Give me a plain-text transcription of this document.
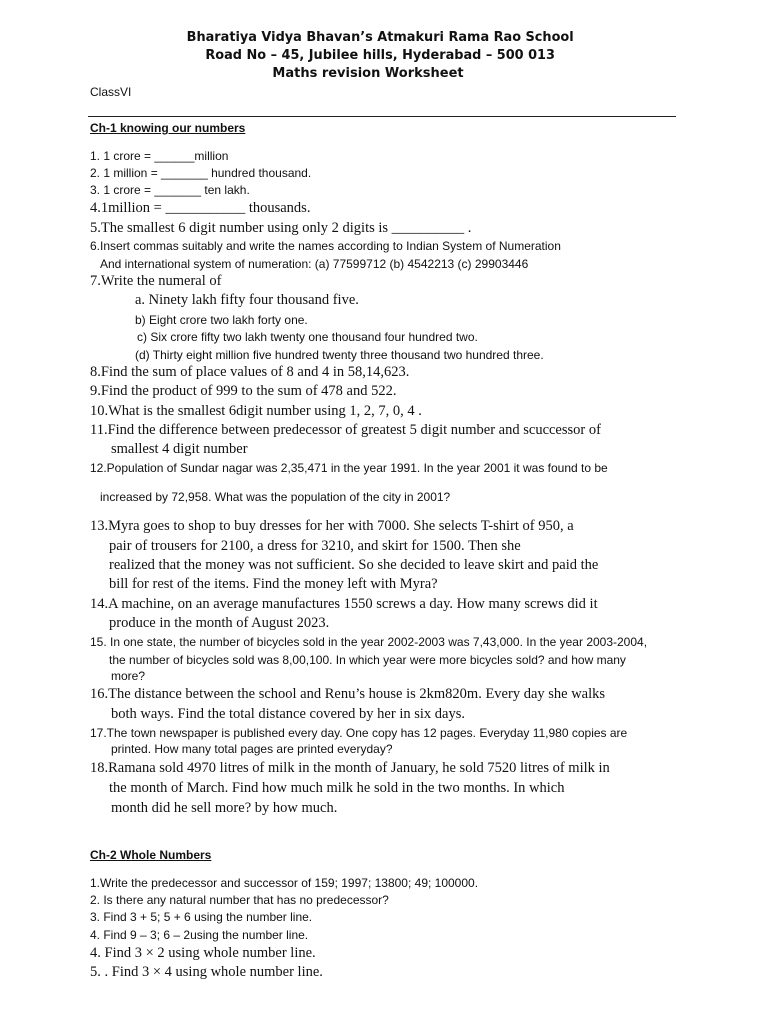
Bharatiya Vidya Bhavan’s Atmakuri Rama Rao School
Road No – 45, Jubilee hills, Hyderabad – 500 013
Maths revision Worksheet
ClassVI
Ch-1 knowing our numbers
1. 1 crore = ______million
2. 1 million = _______ hundred thousand.
3. 1 crore = _______ ten lakh.
4.1million = ___________ thousands.
5.The smallest 6 digit number using only 2 digits is __________ .
6.Insert commas suitably and write the names according to Indian System of Numeration
And international system of numeration: (a) 77599712 (b) 4542213 (c) 29903446
7.Write the numeral of
a. Ninety lakh fifty four thousand five.
b) Eight crore two lakh forty one.
c) Six crore fifty two lakh twenty one thousand four hundred two.
(d) Thirty eight million five hundred twenty three thousand two hundred three.
8.Find the sum of place values of 8 and 4 in 58,14,623.
9.Find the product of 999 to the sum of 478 and 522.
10.What is the smallest 6digit number using 1, 2, 7, 0, 4 .
11.Find the difference between predecessor of greatest 5 digit number and scuccessor of
smallest 4 digit number
12.Population of Sundar nagar was 2,35,471 in the year 1991. In the year 2001 it was found to be
increased by 72,958. What was the population of the city in 2001?
13.Myra goes to shop to buy dresses for her with 7000. She selects T-shirt of 950, a
pair of trousers for 2100, a dress for 3210, and skirt for 1500. Then she
realized that the money was not sufficient. So she decided to leave skirt and paid the
bill for rest of the items. Find the money left with Myra?
14.A machine, on an average manufactures 1550 screws a day. How many screws did it
produce in the month of August 2023.
15. In one state, the number of bicycles sold in the year 2002-2003 was 7,43,000. In the year 2003-2004,
the number of bicycles sold was 8,00,100. In which year were more bicycles sold? and how many
more?
16.The distance between the school and Renu’s house is 2km820m. Every day she walks
both ways. Find the total distance covered by her in six days.
17.The town newspaper is published every day. One copy has 12 pages. Everyday 11,980 copies are
printed. How many total pages are printed everyday?
18.Ramana sold 4970 litres of milk in the month of January, he sold 7520 litres of milk in
the month of March. Find how much milk he sold in the two months. In which
month did he sell more? by how much.
Ch-2 Whole Numbers
1.Write the predecessor and successor of 159; 1997; 13800; 49; 100000.
2. Is there any natural number that has no predecessor?
3. Find 3 + 5; 5 + 6 using the number line.
4. Find 9 – 3; 6 – 2using the number line.
4. Find 3 × 2 using whole number line.
5. . Find 3 × 4 using whole number line.
